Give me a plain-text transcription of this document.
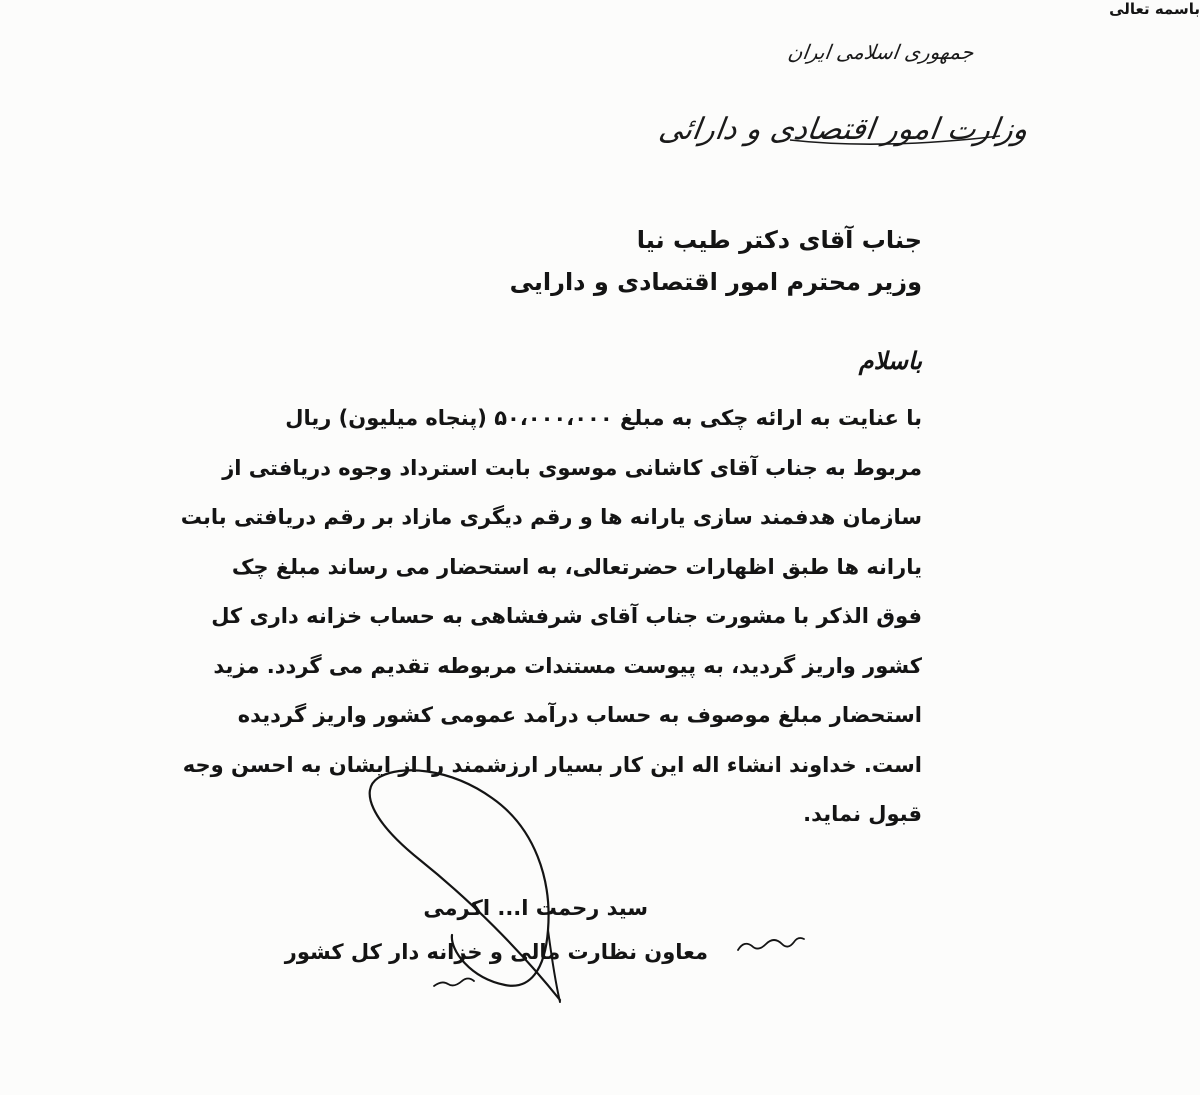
جمهوری اسلامی ایران
وزارت امور اقتصادی و دارائی
باسمه تعالی
جناب آقای دکتر طیب نیا
وزیر محترم امور اقتصادی و دارایی
باسلام
با عنایت به ارائه چکی به مبلغ ۵۰،۰۰۰،۰۰۰ (پنجاه میلیون) ریال
مربوط به جناب آقای کاشانی موسوی بابت استرداد وجوه دریافتی از
سازمان هدفمند سازی یارانه ها و رقم دیگری مازاد بر رقم دریافتی بابت
یارانه ها طبق اظهارات حضرتعالی، به استحضار می رساند مبلغ چک
فوق الذکر با مشورت جناب آقای شرفشاهی به حساب خزانه داری کل
کشور واریز گردید، به پیوست مستندات مربوطه تقدیم می گردد. مزید
استحضار مبلغ موصوف به حساب درآمد عمومی کشور واریز گردیده
است. خداوند انشاء اله این کار بسیار ارزشمند را از ایشان به احسن وجه
قبول نماید.
سید رحمت ا... اکرمی
معاون نظارت مالی و خزانه دار کل کشور
